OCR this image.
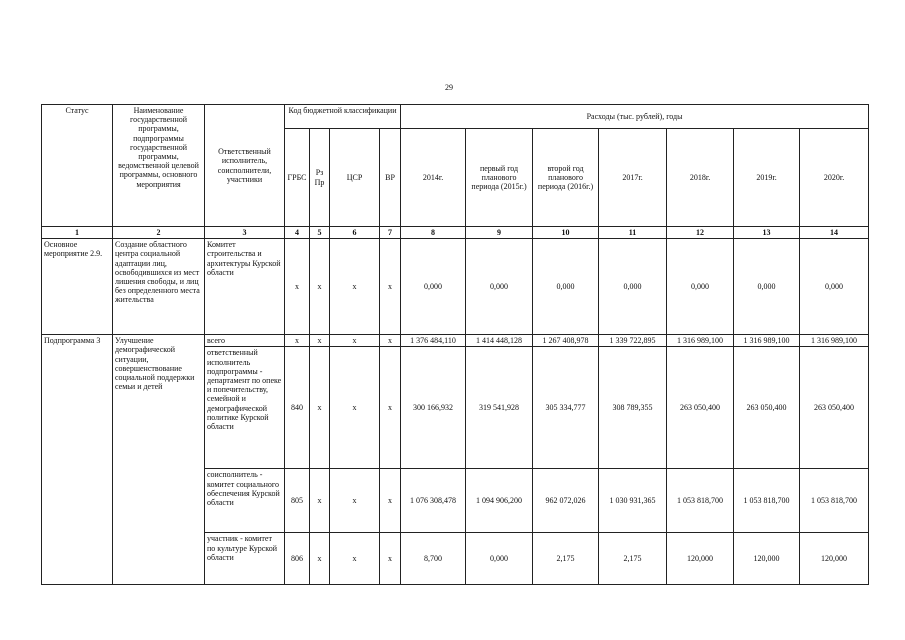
29
Статус	Наименование государственной программы, подпрограммы государственной программы, ведомственной целевой программы, основного мероприятия	Ответственный исполнитель, соисполнители, участники	Код бюджетной классификации				Расходы (тыс. рублей), годы						
			ГРБС	Рз Пр	ЦСР	ВР	2014г.	первый год планового периода (2015г.)	второй год планового периода (2016г.)	2017г.	2018г.	2019г.	2020г.
1	2	3	4	5	6	7	8	9	10	11	12	13	14
Основное мероприятие 2.9.	Создание областного центра социальной адаптации лиц, освободившихся из мест лишения свободы, и лиц без определенного места жительства	Комитет строительства и архитектуры Курской области	x	x	x	x	0,000	0,000	0,000	0,000	0,000	0,000	0,000
Подпрограмма 3	Улучшение демографической ситуации, совершенствование социальной поддержки семьи и детей	всего	x	x	x	x	1 376 484,110	1 414 448,128	1 267 408,978	1 339 722,895	1 316 989,100	1 316 989,100	1 316 989,100
		ответственный исполнитель подпрограммы - департамент по опеке и попечительству, семейной и демографической политике Курской области	840	x	x	x	300 166,932	319 541,928	305 334,777	308 789,355	263 050,400	263 050,400	263 050,400
		соисполнитель - комитет социального обеспечения Курской области	805	x	x	x	1 076 308,478	1 094 906,200	962 072,026	1 030 931,365	1 053 818,700	1 053 818,700	1 053 818,700
		участник - комитет по культуре Курской области	806	x	x	x	8,700	0,000	2,175	2,175	120,000	120,000	120,000
